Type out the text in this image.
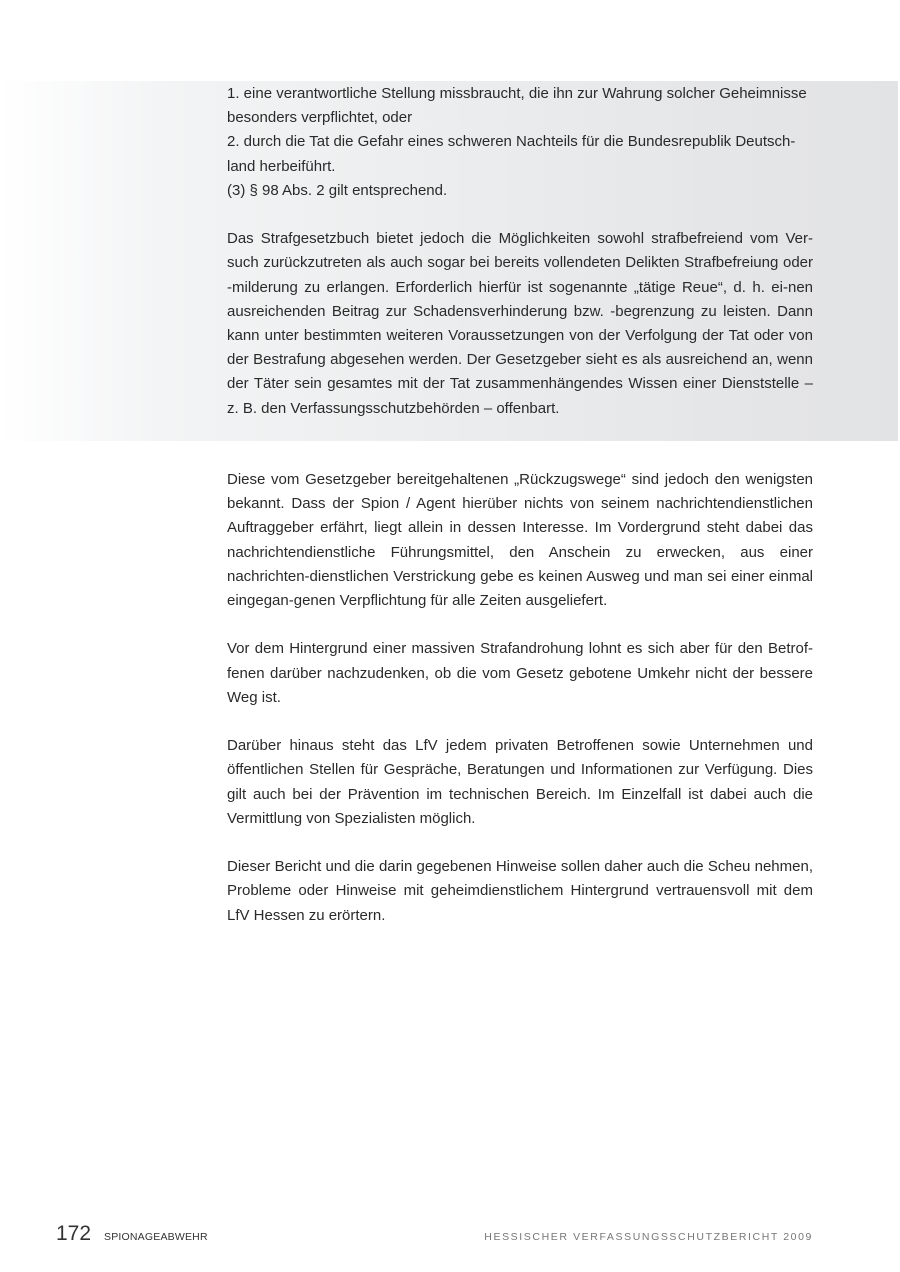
1. eine verantwortliche Stellung missbraucht, die ihn zur Wahrung solcher Geheimnisse besonders verpflichtet, oder

2. durch die Tat die Gefahr eines schweren Nachteils für die Bundesrepublik Deutsch-land herbeiführt.

(3) § 98 Abs. 2 gilt entsprechend.

Das Strafgesetzbuch bietet jedoch die Möglichkeiten sowohl strafbefreiend vom Ver-such zurückzutreten als auch sogar bei bereits vollendeten Delikten Strafbefreiung oder -milderung zu erlangen. Erforderlich hierfür ist sogenannte „tätige Reue“, d. h. ei-nen ausreichenden Beitrag zur Schadensverhinderung bzw. -begrenzung zu leisten. Dann kann unter bestimmten weiteren Voraussetzungen von der Verfolgung der Tat oder von der Bestrafung abgesehen werden. Der Gesetzgeber sieht es als ausreichend an, wenn der Täter sein gesamtes mit der Tat zusammenhängendes Wissen einer Dienststelle – z. B. den Verfassungsschutzbehörden – offenbart.

Diese vom Gesetzgeber bereitgehaltenen „Rückzugswege“ sind jedoch den wenigsten bekannt. Dass der Spion / Agent hierüber nichts von seinem nachrichtendienstlichen Auftraggeber erfährt, liegt allein in dessen Interesse. Im Vordergrund steht dabei das nachrichtendienstliche Führungsmittel, den Anschein zu erwecken, aus einer nachrichten-dienstlichen Verstrickung gebe es keinen Ausweg und man sei einer einmal eingegan-genen Verpflichtung für alle Zeiten ausgeliefert.

Vor dem Hintergrund einer massiven Strafandrohung lohnt es sich aber für den Betrof-fenen darüber nachzudenken, ob die vom Gesetz gebotene Umkehr nicht der bessere Weg ist.

Darüber hinaus steht das LfV jedem privaten Betroffenen sowie Unternehmen und öffentlichen Stellen für Gespräche, Beratungen und Informationen zur Verfügung. Dies gilt auch bei der Prävention im technischen Bereich. Im Einzelfall ist dabei auch die Vermittlung von Spezialisten möglich.

Dieser Bericht und die darin gegebenen Hinweise sollen daher auch die Scheu nehmen, Probleme oder Hinweise mit geheimdienstlichem Hintergrund vertrauensvoll mit dem LfV Hessen zu erörtern.

172 SPIONAGEABWEHR	HESSISCHER VERFASSUNGSSCHUTZBERICHT 2009
